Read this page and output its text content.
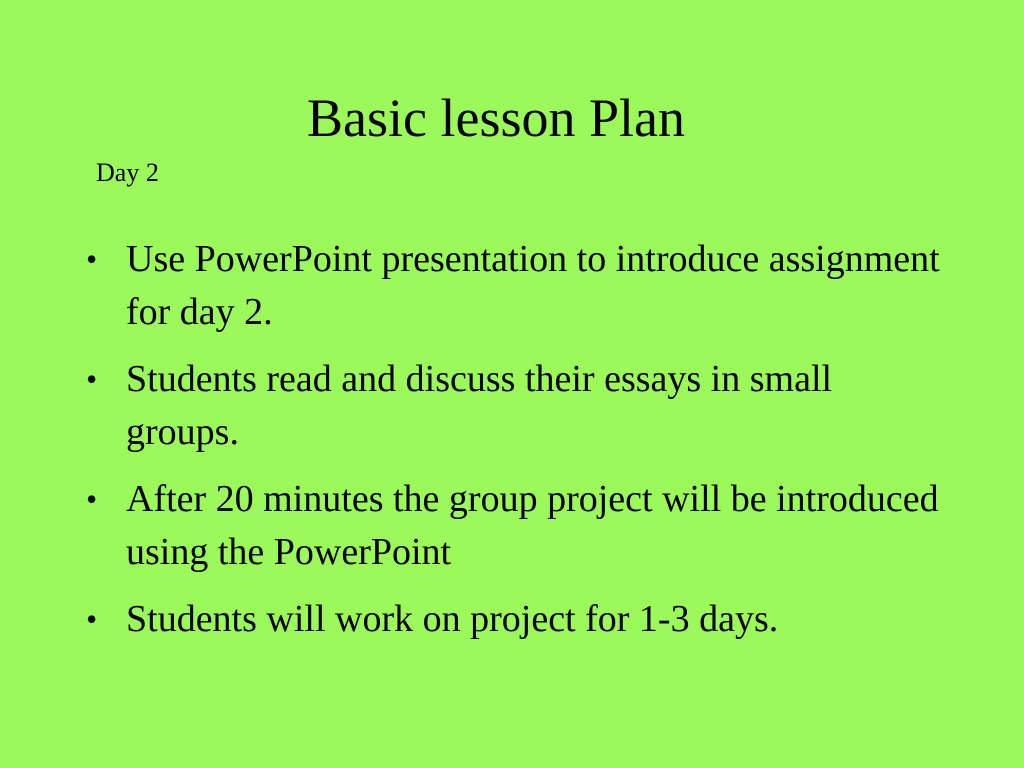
Basic lesson Plan

Day 2

• Use PowerPoint presentation to introduce assignment for day 2.
• Students read and discuss their essays in small groups.
• After 20 minutes the group project will be introduced using the PowerPoint
• Students will work on project for 1-3 days.
